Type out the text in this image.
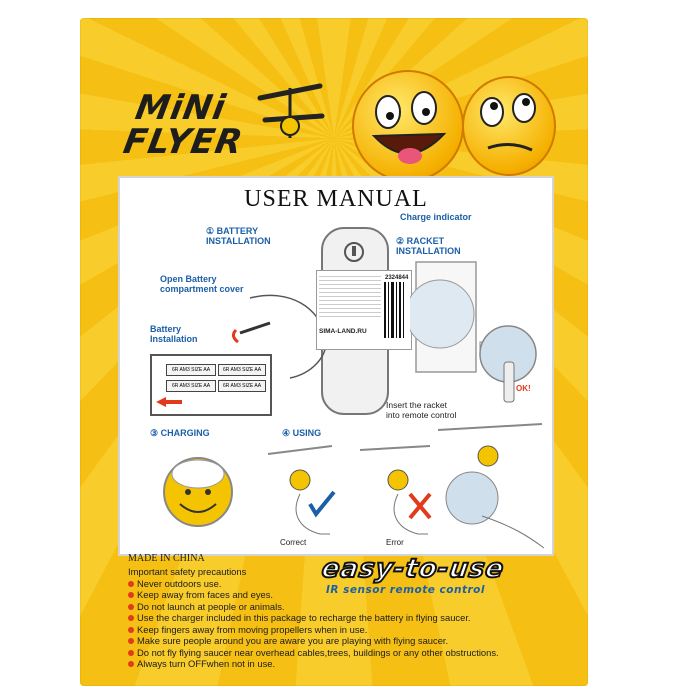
MiNi
FLYER
USER MANUAL
① BATTERY
INSTALLATION
Charge indicator
② RACKET
INSTALLATION
Open Battery
compartment cover
Battery
Installation
6R AM3 SIZE AA	6R AM3 SIZE AA
6R AM3 SIZE AA	6R AM3 SIZE AA
2324844
SIMA-LAND.RU
OK!
Insert the racket
into remote control
③ CHARGING	④ USING
Correct	Error
MADE IN CHINA	easy-to-use
IR sensor remote control
Important safety precautions
Never outdoors use.
Keep away from faces and eyes.
Do not launch at people or animals.
Use the charger included in this package to recharge the battery in flying saucer.
Keep fingers away from moving propellers when in use.
Make sure people around you are aware you are playing with flying saucer.
Do not fly flying saucer near overhead cables,trees, buildings or any other obstructions.
Always turn OFFwhen not in use.
